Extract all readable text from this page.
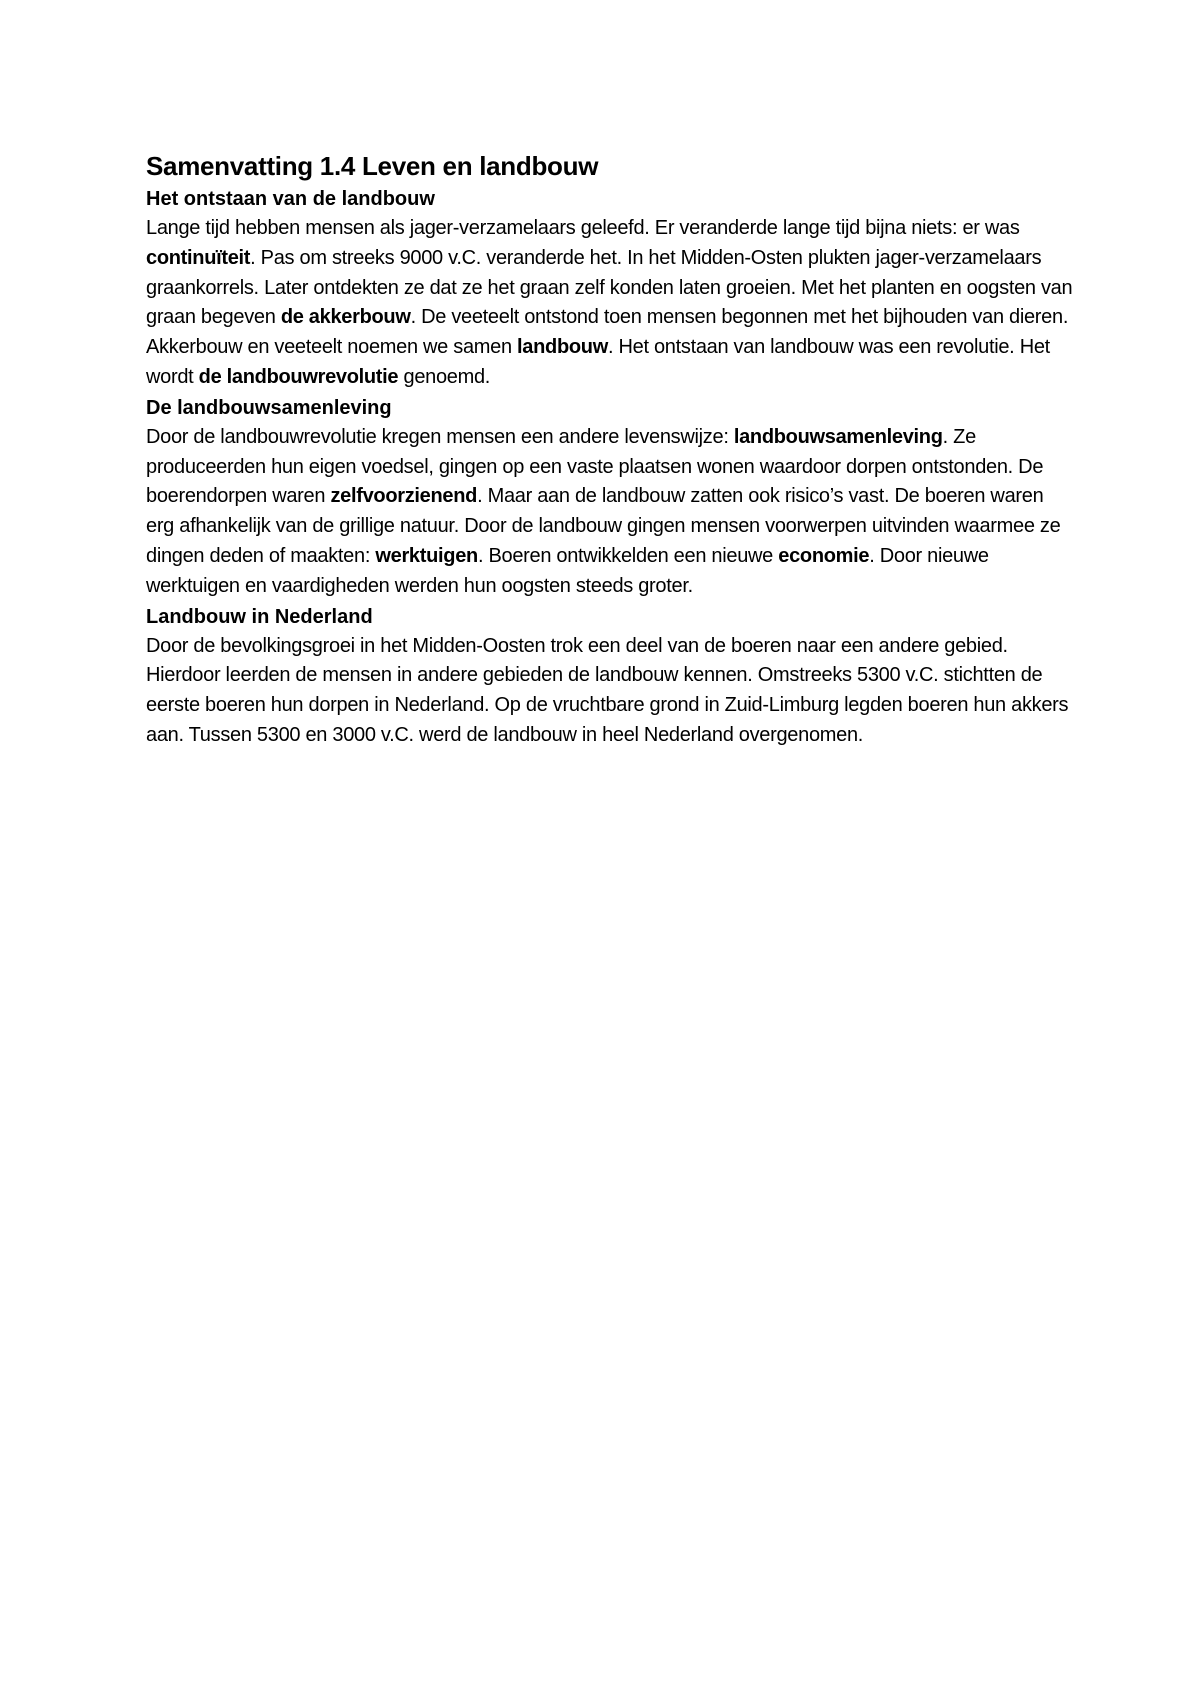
Samenvatting 1.4 Leven en landbouw
Het ontstaan van de landbouw

Lange tijd hebben mensen als jager-verzamelaars geleefd. Er veranderde lange tijd bijna niets: er was continuïteit. Pas om streeks 9000 v.C. veranderde het. In het Midden-Osten plukten jager-verzamelaars graankorrels. Later ontdekten ze dat ze het graan zelf konden laten groeien. Met het planten en oogsten van graan begeven de akkerbouw. De veeteelt ontstond toen mensen begonnen met het bijhouden van dieren. Akkerbouw en veeteelt noemen we samen landbouw. Het ontstaan van landbouw was een revolutie. Het wordt de landbouwrevolutie genoemd.

De landbouwsamenleving

Door de landbouwrevolutie kregen mensen een andere levenswijze: landbouwsamenleving. Ze produceerden hun eigen voedsel, gingen op een vaste plaatsen wonen waardoor dorpen ontstonden. De boerendorpen waren zelfvoorzienend. Maar aan de landbouw zatten ook risico’s vast. De boeren waren erg afhankelijk van de grillige natuur. Door de landbouw gingen mensen voorwerpen uitvinden waarmee ze dingen deden of maakten: werktuigen. Boeren ontwikkelden een nieuwe economie. Door nieuwe werktuigen en vaardigheden werden hun oogsten steeds groter.

Landbouw in Nederland

Door de bevolkingsgroei in het Midden-Oosten trok een deel van de boeren naar een andere gebied. Hierdoor leerden de mensen in andere gebieden de landbouw kennen. Omstreeks 5300 v.C. stichtten de eerste boeren hun dorpen in Nederland. Op de vruchtbare grond in Zuid-Limburg legden boeren hun akkers aan. Tussen 5300 en 3000 v.C. werd de landbouw in heel Nederland overgenomen.
